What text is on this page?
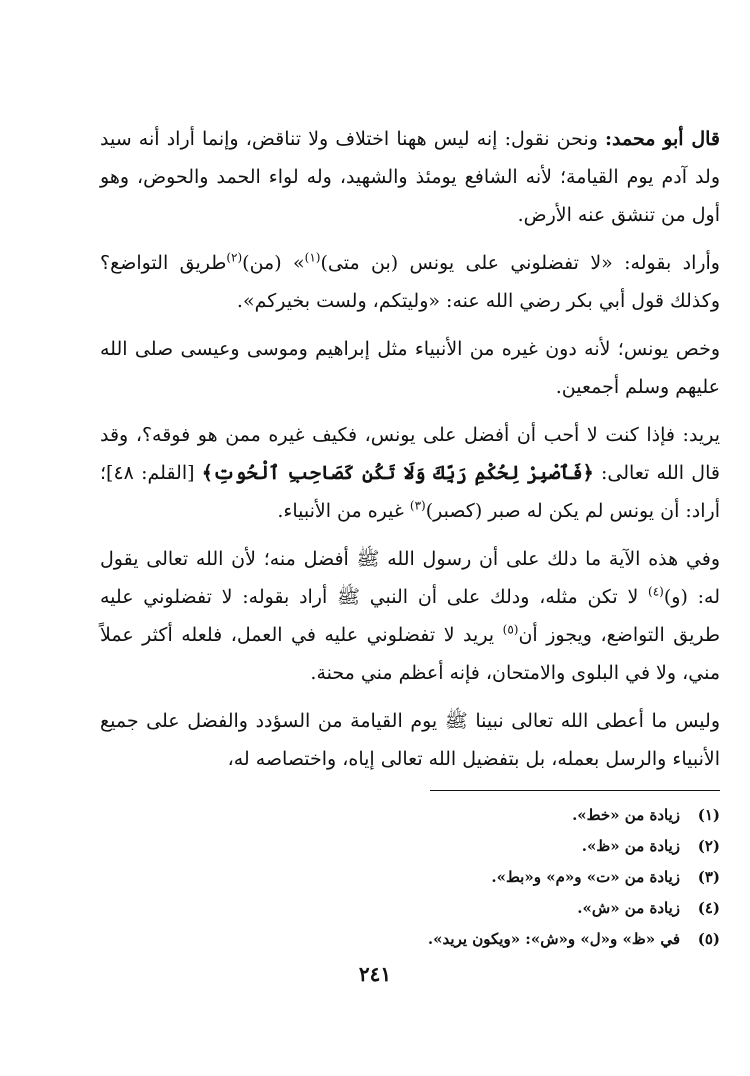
قال أبو محمد: ونحن نقول: إنه ليس ههنا اختلاف ولا تناقض، وإنما أراد أنه سيد ولد آدم يوم القيامة؛ لأنه الشافع يومئذ والشهيد، وله لواء الحمد والحوض، وهو أول من تنشق عنه الأرض.

وأراد بقوله: «لا تفضلوني على يونس (بن متى)$^{(١)}$» (من)$^{(٢)}$طريق التواضع؟ وكذلك قول أبي بكر رضي الله عنه: «وليتكم، ولست بخيركم».

وخص يونس؛ لأنه دون غيره من الأنبياء مثل إبراهيم وموسى وعيسى صلى الله عليهم وسلم أجمعين.

يريد: فإذا كنت لا أحب أن أفضل على يونس، فكيف غيره ممن هو فوقه؟، وقد قال الله تعالى: ﴿فَٱصْبِرْ لِحُكْمِ رَبِّكَ وَلَا تَكُن كَصَاحِبِ ٱلْحُوتِ﴾ [القلم: ٤٨]؛ أراد: أن يونس لم يكن له صبر (كصبر)$^{(٣)}$ غيره من الأنبياء.

وفي هذه الآية ما دلك على أن رسول الله ﷺ أفضل منه؛ لأن الله تعالى يقول له: (و)$^{(٤)}$ لا تكن مثله، ودلك على أن النبي ﷺ أراد بقوله: لا تفضلوني عليه طريق التواضع، ويجوز أن$^{(٥)}$ يريد لا تفضلوني عليه في العمل، فلعله أكثر عملاً مني، ولا في البلوى والامتحان، فإنه أعظم مني محنة.

وليس ما أعطى الله تعالى نبينا ﷺ يوم القيامة من السؤدد والفضل على جميع الأنبياء والرسل بعمله، بل بتفضيل الله تعالى إياه، واختصاصه له،

(١)زيادة من «خط».
(٢)زيادة من «ظ».
(٣)زيادة من «ت» و«م» و«بط».
(٤)زيادة من «ش».
(٥)في «ظ» و«ل» و«ش»: «ويكون يريد».
٢٤١
